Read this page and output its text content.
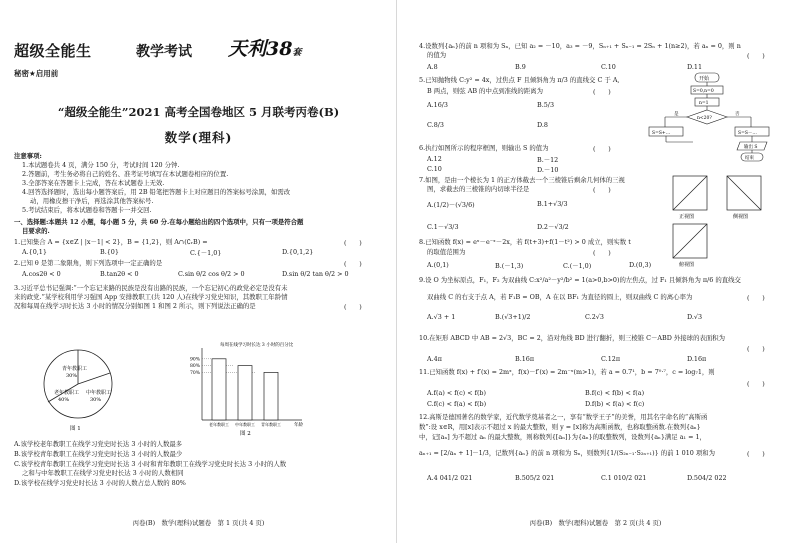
超级全能生	教学考试 天利38套
秘密★启用前
“超级全能生”2021 高考全国卷地区 5 月联考丙卷(B)
数学(理科)
注意事项:
1.本试题卷共 4 页，满分 150 分，考试时间 120 分钟.
2.答题前，考生务必将自己的姓名、准考证号填写在本试题卷相应的位置.
3.全部答案在答题卡上完成，答在本试题卷上无效.
4.回答选择题时，选出每小题答案后，用 2B 铅笔把答题卡上对应题目的答案标号涂黑，如需改
动，用橡皮擦干净后，再选涂其他答案标号.
5.考试结束后，将本试题卷和答题卡一并交回.
一、选择题:本题共 12 小题，每小题 5 分，共 60 分.在每小题给出的四个选项中，只有一项是符合题
目要求的.
1.已知集合 A = {x∈Z | |x－1| < 2}，B = {1,2}，则 A∩(∁ᵣB) =	(　　)
A.{0,1}	B.{0}	C.{－1,0}	D.{0,1,2}
2.已知 θ 是第二象限角，则下列选项中一定正确的是	(　　)
A.cos2θ < 0	B.tan2θ < 0	C.sin θ/2 cos θ/2 > 0	D.sin θ/2 tan θ/2 > 0
3.习近平总书记强调:“一个忘记来路的民族是没有出路的民族，一个忘记初心的政党必定是没有未
来的政党.”某学校利用学习强国 App 安排教职工(共 120 人)在线学习党史知识，其教职工年龄情
况和每周在线学习时长达 3 小时的情况分别如图 1 和图 2 所示，则下列说法正确的是	(　　)
青年教职工
30%
中年教职工
30%
老年教职工
40%
图 1
每周在线学习时长达 3 小时的百分比
90%
80%
70%
老年教职工 中年教职工 青年教职工	年龄
图 2
A.该学校老年教职工在线学习党史时长达 3 小时的人数最多
B.该学校青年教职工在线学习党史时长达 3 小时的人数最少
C.该学校青年教职工在线学习党史时长达 3 小时和青年教职工在线学习党史时长达 3 小时的人数
之和与中年教职工在线学习党史时长达 3 小时的人数相同
D.该学校在线学习党史时长达 3 小时的人数占总人数的 80%
丙卷(B)　数学(理科)试题卷　第 1 页(共 4 页)
4.设数列{aₙ}的前 n 项和为 Sₙ，已知 a₂ = －10，a₃ = －9，Sₙ₊₁ + Sₙ₋₁ = 2Sₙ + 1(n≥2)，若 aₙ = 0，则 n
的值为	(　　)
A.8	B.9	C.10	D.11
5.已知抛物线 C:y² = 4x，过焦点 F 且倾斜角为 π/3 的直线交 C 于 A,
B 两点，则弦 AB 的中点到准线的距离为	(　　)
A.16/3	B.5/3
C.8/3	D.8
6.执行如图所示的程序框图，则输出 S 的值为	(　　)
A.12	B.－12
C.10	D.－10
开始
S=0,n=0
n=1
n<20?
是	否
S=S+…	S=S－…
输出 S
结束
7.如图，是由一个棱长为 1 的正方体截去一个三棱锥后剩余几何体的三视
图，求截去的三棱锥的内切球半径是	(　　)
A.(1/2)－(√3/6)	B.1+√3/3
C.1－√3/3	D.2－√3/2
正视图	侧视图
俯视图
8.已知函数 f(x) = eˣ－e⁻ˣ－2x，若 f(t+3)+f(1－t²) > 0 成立，则实数 t
的取值范围为	(　　)
A.(0,1)	B.(－1,3)	C.(－1,0)	D.(0,3)
9.设 O 为坐标原点，F₁，F₂ 为双曲线 C:x²/a²－y²/b² = 1(a>0,b>0)的左焦点，过 F₁ 且倾斜角为 π/6 的直线交
双曲线 C 的右支于点 A，若 F₁B = OB，A 在以 BF₁ 为直径的圆上，则双曲线 C 的离心率为	(　　)
A.√3 + 1	B.(√3+1)/2	C.2√3	D.√3
10.在矩形 ABCD 中 AB = 2√3，BC = 2，沿对角线 BD 进行翻折，则三棱锥 C－ABD 外接球的表面积为
(　　)
A.4π	B.16π	C.12π	D.16π
11.已知函数 f(x) + f′(x) = 2mˣ，f(x)－f′(x) = 2m⁻ˣ(m>1)，若 a = 0.7¹，b = 7⁰·⁷，c = log₇1，则
(　　)
A.f(a) < f(c) < f(b)	B.f(c) < f(b) < f(a)
C.f(c) < f(a) < f(b)	D.f(b) < f(a) < f(c)
12.高斯是德国著名的数学家，近代数学奠基者之一，享有“数学王子”的美誉，用其名字命名的“高斯函
数”:设 x∈R，用[x]表示不超过 x 的最大整数，则 y = [x]称为高斯函数，也称取整函数.在数列{aₙ}
中，记[aₙ] 为不超过 aₙ 的最大整数，则称数列{[aₙ]}为{aₙ}的取整数列，设数列{aₙ}满足 a₁ = 1，
aₙ₊₁ = [2/aₙ + 1]－1/3，记数列{aₙ} 的前 n 项和为 Sₙ，则数列{1/(S₂ₙ₋₁·S₂ₙ₊₁)} 的前 1 010 项和为	(　　)
A.4 041/2 021	B.505/2 021	C.1 010/2 021	D.504/2 022
丙卷(B)　数学(理科)试题卷　第 2 页(共 4 页)
